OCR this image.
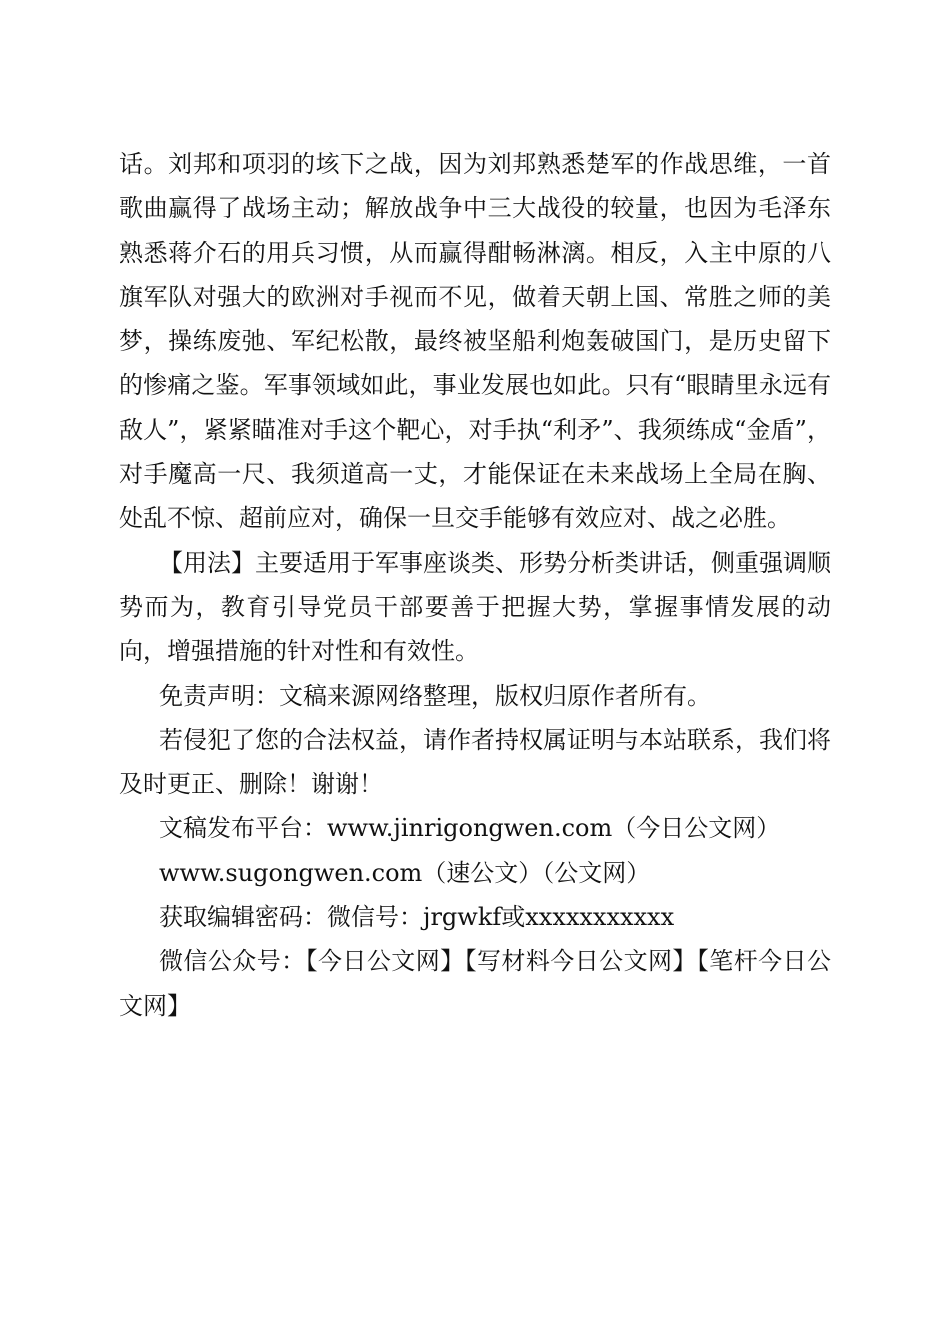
话。刘邦和项羽的垓下之战，因为刘邦熟悉楚军的作战思维，一首歌曲赢得了战场主动；解放战争中三大战役的较量，也因为毛泽东熟悉蒋介石的用兵习惯，从而赢得酣畅淋漓。相反，入主中原的八旗军队对强大的欧洲对手视而不见，做着天朝上国、常胜之师的美梦，操练废弛、军纪松散，最终被坚船利炮轰破国门，是历史留下的惨痛之鉴。军事领域如此，事业发展也如此。只有“眼睛里永远有敌人”，紧紧瞄准对手这个靶心，对手执“利矛”、我须练成“金盾”，对手魔高一尺、我须道高一丈，才能保证在未来战场上全局在胸、处乱不惊、超前应对，确保一旦交手能够有效应对、战之必胜。

【用法】主要适用于军事座谈类、形势分析类讲话，侧重强调顺势而为，教育引导党员干部要善于把握大势，掌握事情发展的动向，增强措施的针对性和有效性。

免责声明：文稿来源网络整理，版权归原作者所有。

若侵犯了您的合法权益，请作者持权属证明与本站联系，我们将及时更正、删除！谢谢！

文稿发布平台：www.jinrigongwen.com（今日公文网）

www.sugongwen.com（速公文）（公文网）

获取编辑密码：微信号：jrgwkf或xxxxxxxxxxx

微信公众号：【今日公文网】【写材料今日公文网】【笔杆今日公文网】
